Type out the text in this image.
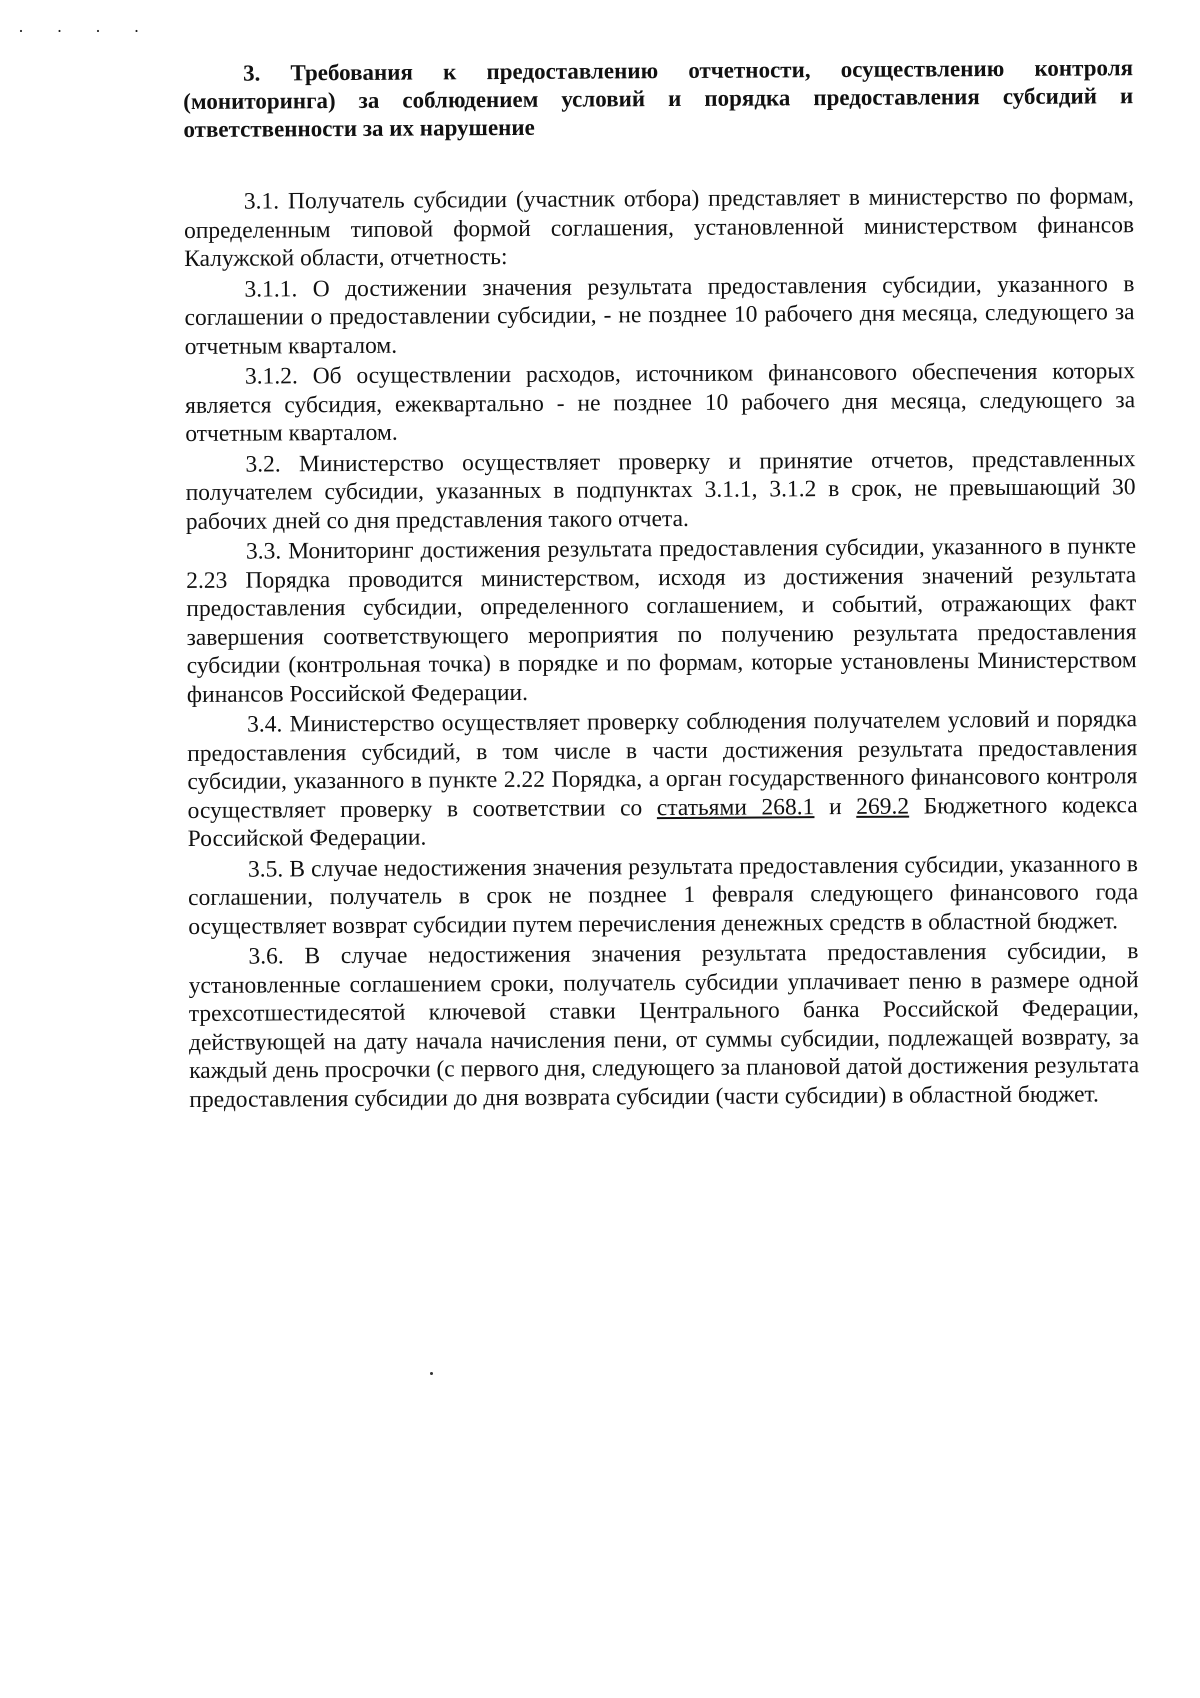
· · · ·

3. Требования к предоставлению отчетности, осуществлению контроля (мониторинга) за соблюдением условий и порядка предоставления субсидий и ответственности за их нарушение

3.1. Получатель субсидии (участник отбора) представляет в министерство по формам, определенным типовой формой соглашения, установленной министерством финансов Калужской области, отчетность:

3.1.1. О достижении значения результата предоставления субсидии, указанного в соглашении о предоставлении субсидии, - не позднее 10 рабочего дня месяца, следующего за отчетным кварталом.

3.1.2. Об осуществлении расходов, источником финансового обеспечения которых является субсидия, ежеквартально - не позднее 10 рабочего дня месяца, следующего за отчетным кварталом.

3.2. Министерство осуществляет проверку и принятие отчетов, представленных получателем субсидии, указанных в подпунктах 3.1.1, 3.1.2 в срок, не превышающий 30 рабочих дней со дня представления такого отчета.

3.3. Мониторинг достижения результата предоставления субсидии, указанного в пункте 2.23 Порядка проводится министерством, исходя из достижения значений результата предоставления субсидии, определенного соглашением, и событий, отражающих факт завершения соответствующего мероприятия по получению результата предоставления субсидии (контрольная точка) в порядке и по формам, которые установлены Министерством финансов Российской Федерации.

3.4. Министерство осуществляет проверку соблюдения получателем условий и порядка предоставления субсидий, в том числе в части достижения результата предоставления субсидии, указанного в пункте 2.22 Порядка, а орган государственного финансового контроля осуществляет проверку в соответствии со статьями 268.1 и 269.2 Бюджетного кодекса Российской Федерации.

3.5. В случае недостижения значения результата предоставления субсидии, указанного в соглашении, получатель в срок не позднее 1 февраля следующего финансового года осуществляет возврат субсидии путем перечисления денежных средств в областной бюджет.

3.6. В случае недостижения значения результата предоставления субсидии, в установленные соглашением сроки, получатель субсидии уплачивает пеню в размере одной трехсотшестидесятой ключевой ставки Центрального банка Российской Федерации, действующей на дату начала начисления пени, от суммы субсидии, подлежащей возврату, за каждый день просрочки (с первого дня, следующего за плановой датой достижения результата предоставления субсидии до дня возврата субсидии (части субсидии) в областной бюджет.
